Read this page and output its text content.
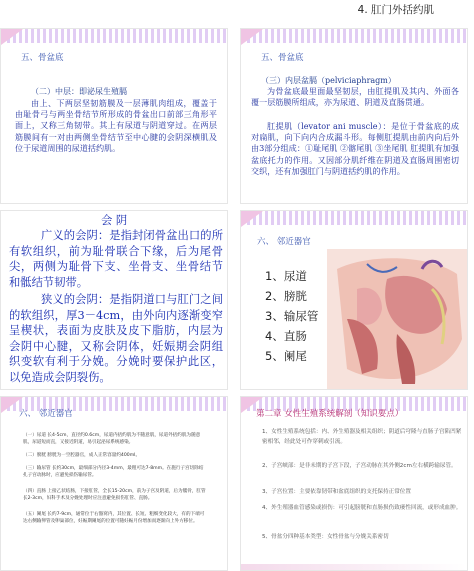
4. 肛门外括约肌
五、骨盆底
（二）中层：即泌尿生殖膈
由上、下两层坚韧筋膜及一层薄肌肉组成，覆盖于由耻骨弓与两坐骨结节所形成的骨盆出口前部三角形平面上，又称三角韧带。其上有尿道与阴道穿过。在两层筋膜间有一对由两侧坐骨结节至中心腱的会阴深横肌及位于尿道周围的尿道括约肌。
五、骨盆底
（三）内层盆膈（pelviciaphragm）
为骨盆底最里面最坚韧层，由肛提肌及其内、外面各覆一层筋膜所组成，亦为尿道、阴道及直肠贯通。
肛提肌（levator ani muscle）：是位于骨盆底的成对扁肌，向下向内合成漏斗形。每侧肛提肌由前内向后外由3部分组成：①耻尾肌 ②髂尾肌 ③坐尾肌 肛提肌有加强盆底托力的作用。又因部分肌纤维在阴道及直肠周围密切交织，还有加强肛门与阴道括约肌的作用。
会 阴
广义的会阴：是指封闭骨盆出口的所有软组织，前为耻骨联合下缘，后为尾骨尖，两侧为耻骨下支、坐骨支、坐骨结节和骶结节韧带。
狭义的会阴：是指阴道口与肛门之间的软组织，厚3－4cm，由外向内逐渐变窄呈楔状，表面为皮肤及皮下脂肪，内层为会阴中心腱，又称会阴体，妊娠期会阴组织变软有利于分娩。分娩时要保护此区，以免造成会阴裂伤。
六、 邻近器官
1、尿道
2、膀胱
3、输尿管
4、直肠
5、阑尾
六、 邻近器官
（一）尿道 长4-5cm，直径约0.6cm，尿道内括约肌为不随意肌，尿道外括约肌为随意肌，尿道短而直，又接近阴道，易引起泌尿系统感染。
（二）膀胱 膀胱为一空腔器官，成人正常容量约400ml。
（三）输尿管 长约30cm，最细部分内径3-4mm，最粗可达7-8mm。在施行子宫切除结扎子宫动脉时，应避免损伤输尿管。
（四）直肠 上接乙状结肠，下接肛管，全长15-20cm，前为子宫及阴道，后为骶骨，肛管长2-3cm，妇科手术及分娩处理时应注意避免损伤肛管、直肠。
（五）阑尾 长约7-9cm，通常位于右髂窝内，其位置、长短、粗细变化较大，有的下端可达右侧输卵管及卵巢部位，妊娠期阑尾的位置可随妊娠月份增加而逐渐向上外方移位。
第二章 女性生殖系统解剖（知识要点）
1、女性生殖系统包括：内、外生殖器及相关组织；阴道后穹隆与直肠子宫陷凹紧密相邻，经此处可作穿刺或引流。
2、子宫峡部：是非未期的子宫下段，子宫动脉在其外侧2cm左右横跨输尿管。
3、子宫位置：主要依靠韧带和盆底组织的支托保持正常位置
4、外生殖器血管感染或损伤：可引起膀胱和直肠损伤致瘘性回流，或形成血肿。
5、骨盆分四种基本类型：女性骨盆与分娩关系密切
